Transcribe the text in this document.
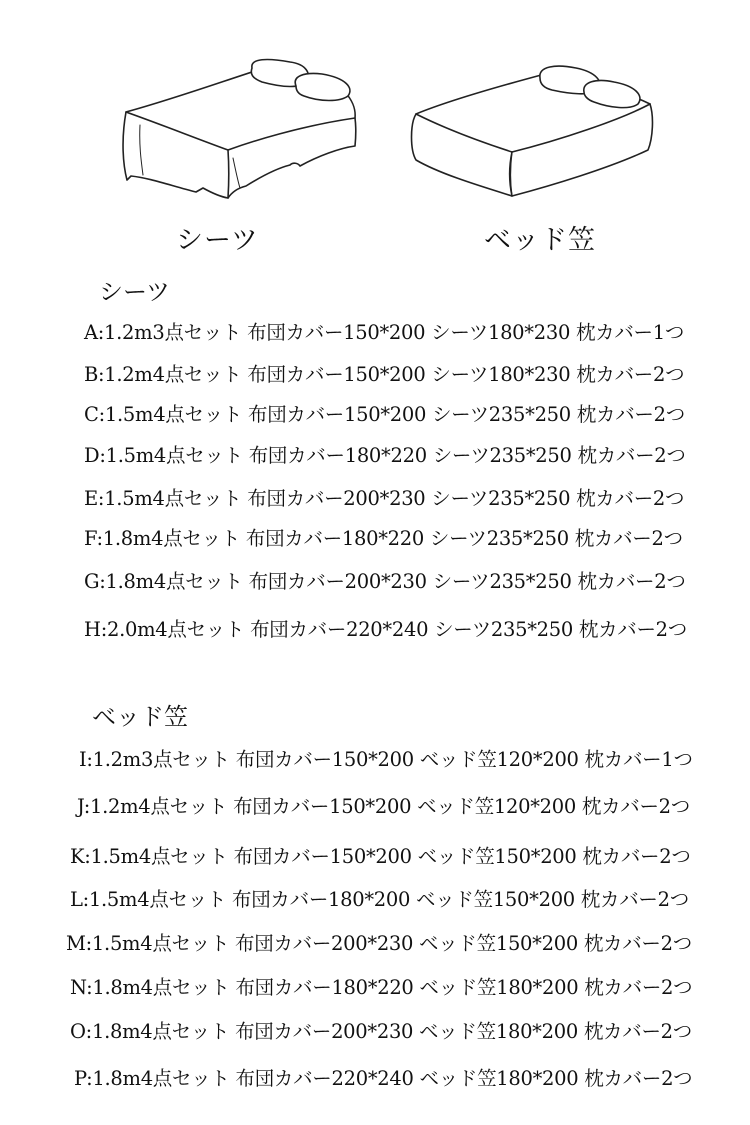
シーツ	ベッド笠
シーツ
A:1.2m3点セット 布団カバー150*200 シーツ180*230 枕カバー1つ
B:1.2m4点セット 布団カバー150*200 シーツ180*230 枕カバー2つ
C:1.5m4点セット 布団カバー150*200 シーツ235*250 枕カバー2つ
D:1.5m4点セット 布団カバー180*220 シーツ235*250 枕カバー2つ
E:1.5m4点セット 布団カバー200*230 シーツ235*250 枕カバー2つ
F:1.8m4点セット 布団カバー180*220 シーツ235*250 枕カバー2つ
G:1.8m4点セット 布団カバー200*230 シーツ235*250 枕カバー2つ
H:2.0m4点セット 布団カバー220*240 シーツ235*250 枕カバー2つ
ベッド笠
I:1.2m3点セット 布団カバー150*200 ベッド笠120*200 枕カバー1つ
J:1.2m4点セット 布団カバー150*200 ベッド笠120*200 枕カバー2つ
K:1.5m4点セット 布団カバー150*200 ベッド笠150*200 枕カバー2つ
L:1.5m4点セット 布団カバー180*200 ベッド笠150*200 枕カバー2つ
M:1.5m4点セット 布団カバー200*230 ベッド笠150*200 枕カバー2つ
N:1.8m4点セット 布団カバー180*220 ベッド笠180*200 枕カバー2つ
O:1.8m4点セット 布団カバー200*230 ベッド笠180*200 枕カバー2つ
P:1.8m4点セット 布団カバー220*240 ベッド笠180*200 枕カバー2つ
